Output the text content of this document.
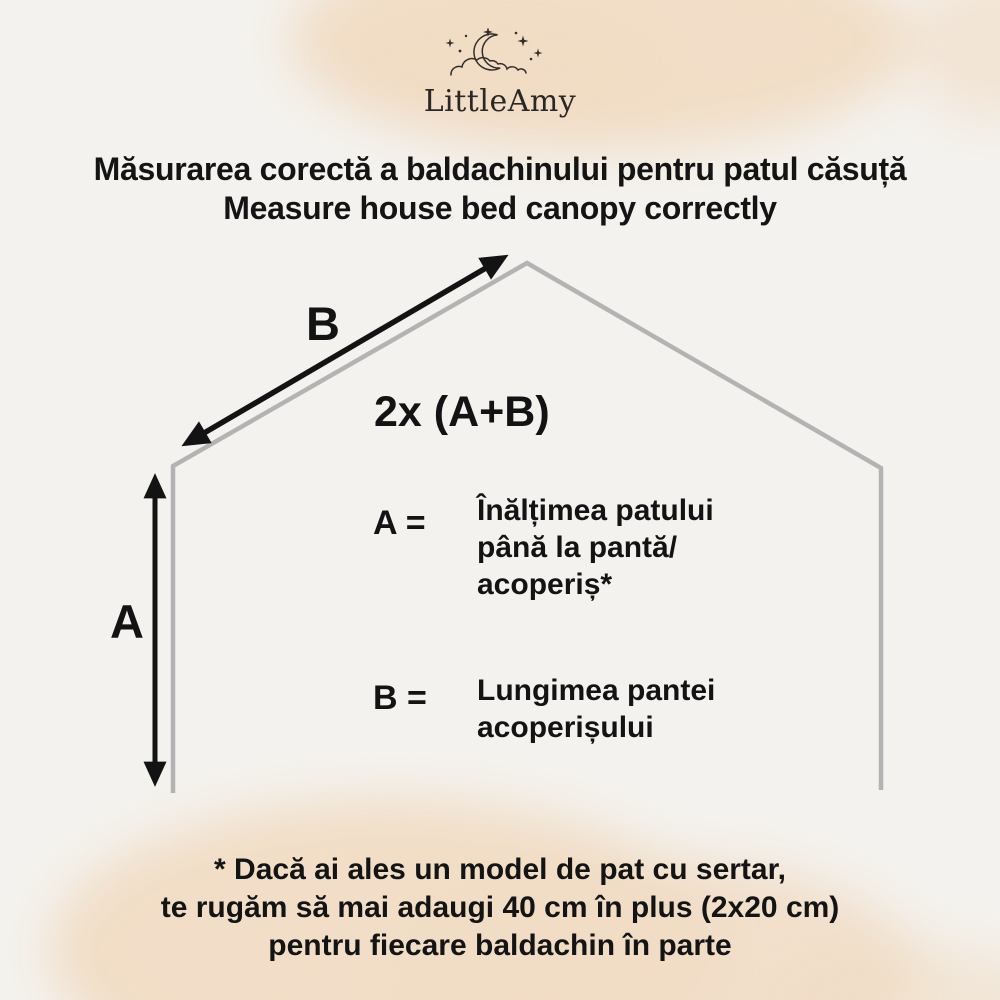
LittleAmy
Măsurarea corectă a baldachinului pentru patul căsuță
Measure house bed canopy correctly
B
A
2x (A+B)
A =	Înălțimea patului
până la pantă/
acoperiș*
B =	Lungimea pantei
acoperișului
* Dacă ai ales un model de pat cu sertar,
te rugăm să mai adaugi 40 cm în plus (2x20 cm)
pentru fiecare baldachin în parte
